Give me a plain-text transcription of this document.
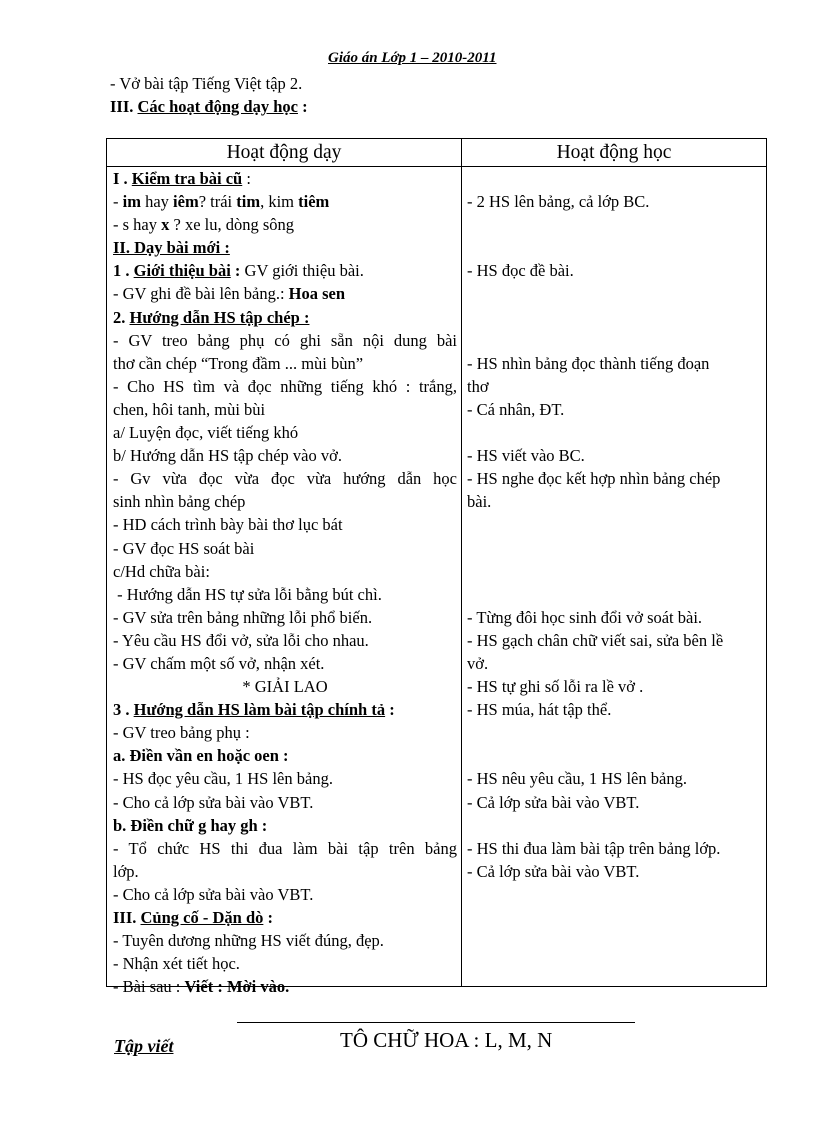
Giáo án Lớp 1 – 2010-2011
- Vở bài tập Tiếng Việt tập 2.
III. Các hoạt động dạy học :
Hoạt động dạy	Hoạt động học
I . Kiểm tra bài cũ :
- im hay iêm? trái tim, kim tiêm
- s hay x ? xe lu, dòng sông
II. Dạy bài mới :
1 . Giới thiệu bài : GV giới thiệu bài.
- GV ghi đề bài lên bảng.: Hoa sen
2. Hướng dẫn HS tập chép :
- GV treo bảng phụ có ghi sẵn nội dung bài
thơ cần chép “Trong đầm ... mùi bùn”
- Cho HS tìm và đọc những tiếng khó : trắng,
chen, hôi tanh, mùi bùi
a/ Luyện đọc, viết tiếng khó
b/ Hướng dẫn HS tập chép vào vở.
- Gv vừa đọc vừa đọc vừa hướng dẫn học
sinh nhìn bảng chép
- HD cách trình bày bài thơ lục bát
- GV đọc HS soát bài
c/Hd chữa bài:
- Hướng dẫn HS tự sửa lỗi bằng bút chì.
- GV sửa trên bảng những lỗi phổ biến.
- Yêu cầu HS đổi vở, sửa lỗi cho nhau.
- GV chấm một số vở, nhận xét.
* GIẢI LAO
3 . Hướng dẫn HS làm bài tập chính tả :
- GV treo bảng phụ :
a. Điền vần en hoặc oen :
- HS đọc yêu cầu, 1 HS lên bảng.
- Cho cả lớp sửa bài vào VBT.
b. Điền chữ g hay gh :
- Tổ chức HS thi đua làm bài tập trên bảng
lớp.
- Cho cả lớp sửa bài vào VBT.
III. Củng cố - Dặn dò :
- Tuyên dương những HS viết đúng, đẹp.
- Nhận xét tiết học.
- Bài sau : Viết : Mời vào.
- 2 HS lên bảng, cả lớp BC.
- HS đọc đề bài.
- HS nhìn bảng đọc thành tiếng đoạn
thơ
- Cá nhân, ĐT.
- HS viết vào BC.
- HS nghe đọc kết hợp nhìn bảng chép
bài.
- Từng đôi học sinh đổi vở soát bài.
- HS gạch chân chữ viết sai, sửa bên lề
vở.
- HS tự ghi số lỗi ra lề vở .
- HS múa, hát tập thể.
- HS nêu yêu cầu, 1 HS lên bảng.
- Cả lớp sửa bài vào VBT.
- HS thi đua làm bài tập trên bảng lớp.
- Cả lớp sửa bài vào VBT.
Tập viết	TÔ CHỮ HOA : L, M, N
